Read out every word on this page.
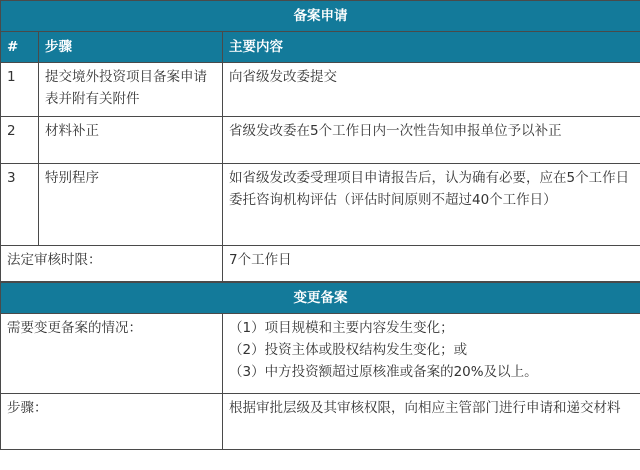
备案申请		
#	步骤	主要内容
1	提交境外投资项目备案申请表并附有关附件	向省级发改委提交
2	材料补正	省级发改委在5个工作日内一次性告知申报单位予以补正
3	特别程序	如省级发改委受理项目申请报告后，认为确有必要，应在5个工作日委托咨询机构评估（评估时间原则不超过40个工作日）
法定审核时限：		7个工作日
变更备案	
需要变更备案的情况：	（1）项目规模和主要内容发生变化；
（2）投资主体或股权结构发生变化；或
（3）中方投资额超过原核准或备案的20%及以上。

步骤：	根据审批层级及其审核权限，向相应主管部门进行申请和递交材料
